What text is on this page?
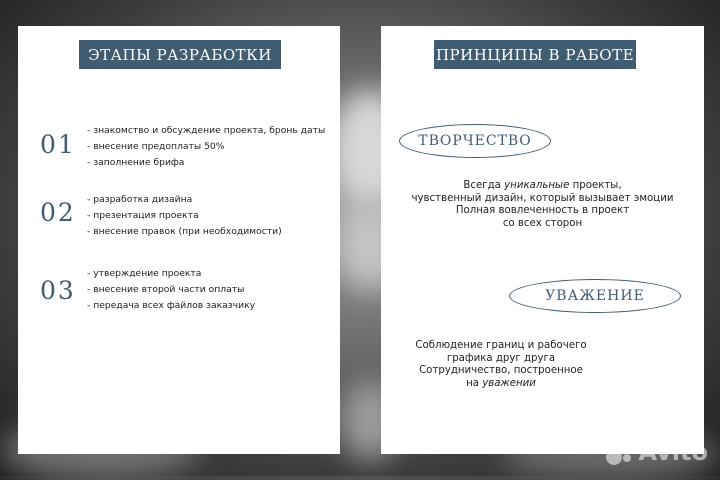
ЭТАПЫ РАЗРАБОТКИ
01 - знакомство и обсуждение проекта, бронь даты
- внесение предоплаты 50%
- заполнение брифа
02 - разработка дизайна
- презентация проекта
- внесение правок (при необходимости)
03
- утверждение проекта
- внесение второй части оплаты
- передача всех файлов заказчику
ПРИНЦИПЫ В РАБОТЕ
ТВОРЧЕСТВО
Всегда уникальные проекты,
чувственный дизайн, который вызывает эмоции
Полная вовлеченность в проект
со всех сторон
УВАЖЕНИЕ
Соблюдение границ и рабочего
графика друг друга
Сотрудничество, построенное
на уважении
Avito
